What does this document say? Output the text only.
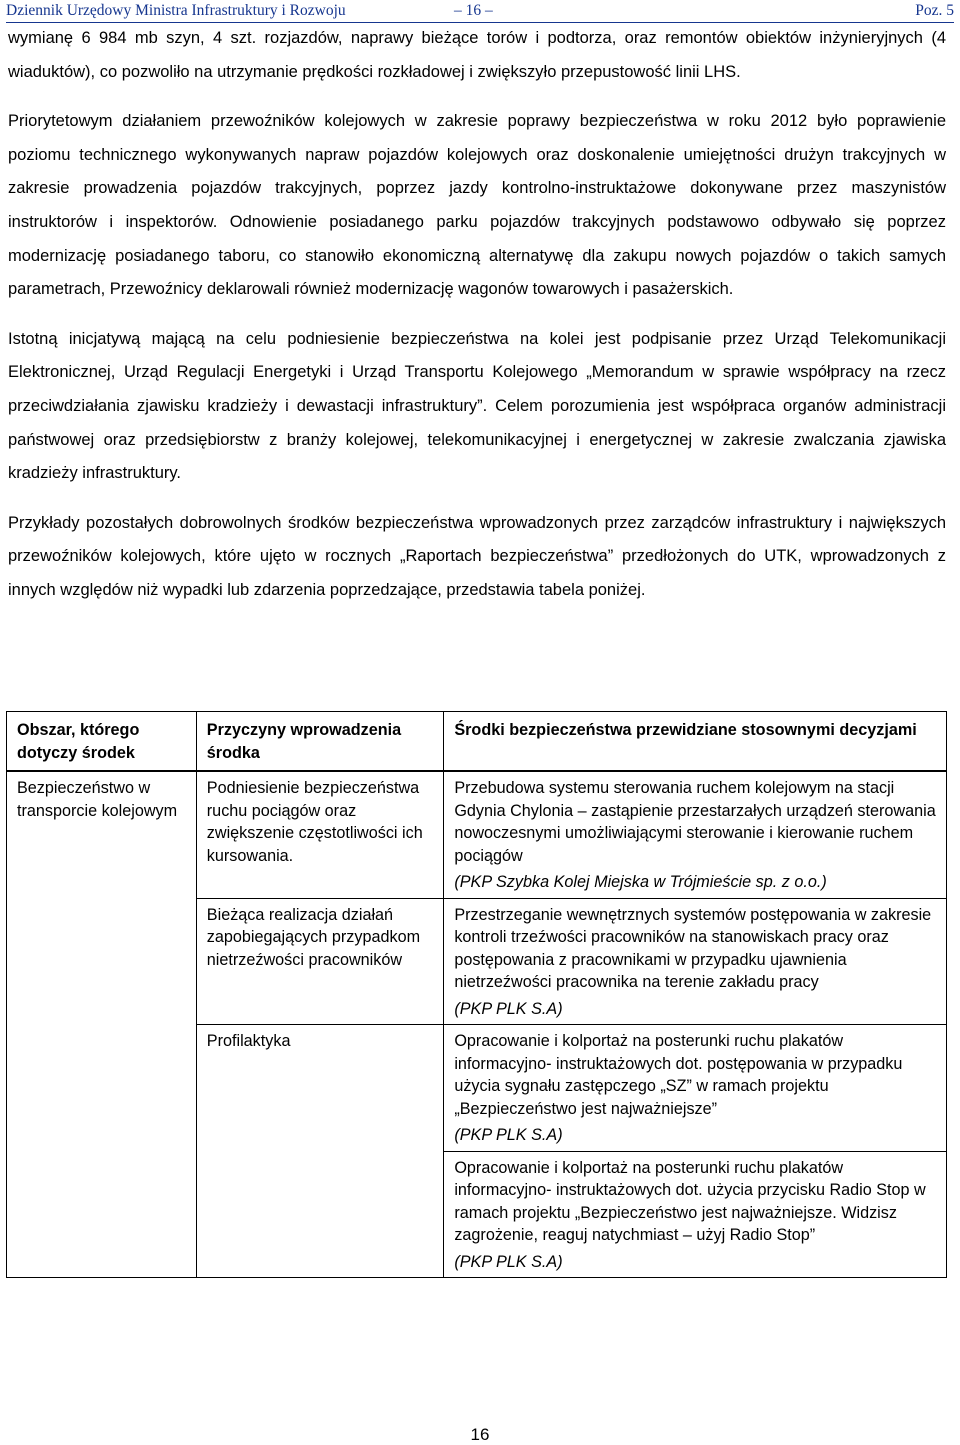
Dziennik Urzędowy Ministra Infrastruktury i Rozwoju	– 16 –	Poz. 5

wymianę 6 984 mb szyn, 4 szt. rozjazdów, naprawy bieżące torów i podtorza, oraz remontów obiektów inżynieryjnych (4 wiaduktów), co pozwoliło na utrzymanie prędkości rozkładowej i zwiększyło przepustowość linii LHS.

Priorytetowym działaniem przewoźników kolejowych w zakresie poprawy bezpieczeństwa w roku 2012 było poprawienie poziomu technicznego wykonywanych napraw pojazdów kolejowych oraz doskonalenie umiejętności drużyn trakcyjnych w zakresie prowadzenia pojazdów trakcyjnych, poprzez jazdy kontrolno-instruktażowe dokonywane przez maszynistów instruktorów i inspektorów. Odnowienie posiadanego parku pojazdów trakcyjnych podstawowo odbywało się poprzez modernizację posiadanego taboru, co stanowiło ekonomiczną alternatywę dla zakupu nowych pojazdów o takich samych parametrach, Przewoźnicy deklarowali również modernizację wagonów towarowych i pasażerskich.

Istotną inicjatywą mającą na celu podniesienie bezpieczeństwa na kolei jest podpisanie przez Urząd Telekomunikacji Elektronicznej, Urząd Regulacji Energetyki i Urząd Transportu Kolejowego „Memorandum w sprawie współpracy na rzecz przeciwdziałania zjawisku kradzieży i dewastacji infrastruktury”. Celem porozumienia jest współpraca organów administracji państwowej oraz przedsiębiorstw z branży kolejowej, telekomunikacyjnej i energetycznej w zakresie zwalczania zjawiska kradzieży infrastruktury.

Przykłady pozostałych dobrowolnych środków bezpieczeństwa wprowadzonych przez zarządców infrastruktury i największych przewoźników kolejowych, które ujęto w rocznych „Raportach bezpieczeństwa” przedłożonych do UTK, wprowadzonych z innych względów niż wypadki lub zdarzenia poprzedzające, przedstawia tabela poniżej.

Obszar, którego dotyczy środek	Przyczyny wprowadzenia środka	Środki bezpieczeństwa przewidziane stosownymi decyzjami
Bezpieczeństwo w transporcie kolejowym	Podniesienie bezpieczeństwa ruchu pociągów oraz zwiększenie częstotliwości ich kursowania.	Przebudowa systemu sterowania ruchem kolejowym na stacji Gdynia Chylonia – zastąpienie przestarzałych urządzeń sterowania nowoczesnymi umożliwiającymi sterowanie i kierowanie ruchem pociągów
(PKP Szybka Kolej Miejska w Trójmieście sp. z o.o.)

	Bieżąca realizacja działań zapobiegających przypadkom nietrzeźwości pracowników	Przestrzeganie wewnętrznych systemów postępowania w zakresie kontroli trzeźwości pracowników na stanowiskach pracy oraz postępowania z pracownikami w przypadku ujawnienia nietrzeźwości pracownika na terenie zakładu pracy
(PKP PLK S.A)

	Profilaktyka	Opracowanie i kolportaż na posterunki ruchu plakatów informacyjno- instruktażowych dot. postępowania w przypadku użycia sygnału zastępczego „SZ” w ramach projektu „Bezpieczeństwo jest najważniejsze”
(PKP PLK S.A)

		Opracowanie i kolportaż na posterunki ruchu plakatów informacyjno- instruktażowych dot. użycia przycisku Radio Stop w ramach projektu „Bezpieczeństwo jest najważniejsze. Widzisz zagrożenie, reaguj natychmiast – użyj Radio Stop”
(PKP PLK S.A)
16
